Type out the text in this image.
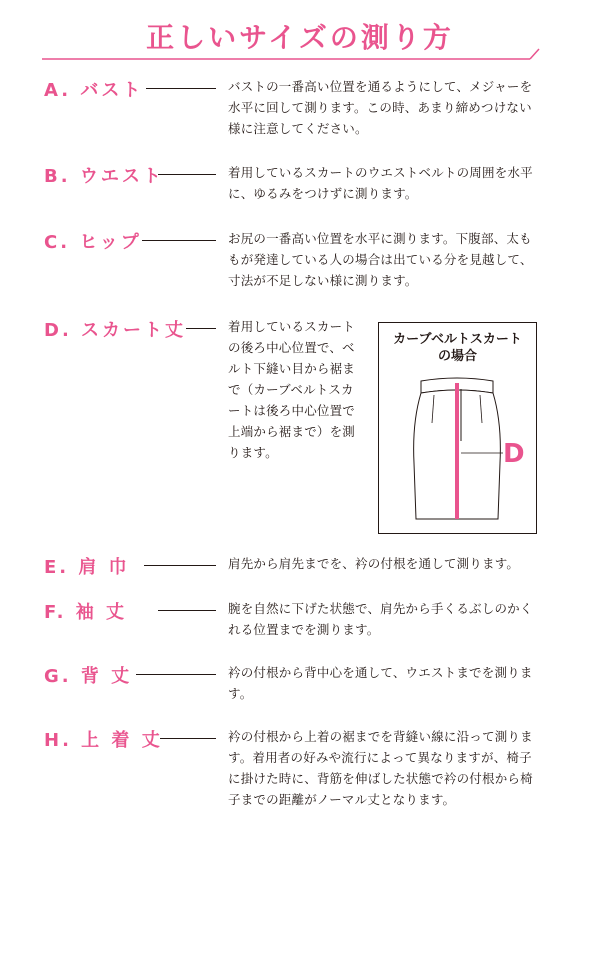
正しいサイズの測り方
A. バスト	バストの一番高い位置を通るようにして、メジャーを水平に回して測ります。この時、あまり締めつけない様に注意してください。
B. ウエスト	着用しているスカートのウエストベルトの周囲を水平に、ゆるみをつけずに測ります。
C. ヒップ	お尻の一番高い位置を水平に測ります。下腹部、太ももが発達している人の場合は出ている分を見越して、寸法が不足しない様に測ります。
D. スカート丈	着用しているスカートの後ろ中心位置で、ベルト下縫い目から裾まで（カーブベルトスカートは後ろ中心位置で上端から裾まで）を測ります。
カーブベルトスカートの場合
D
E. 肩 巾	肩先から肩先までを、衿の付根を通して測ります。
F. 袖 丈	腕を自然に下げた状態で、肩先から手くるぶしのかくれる位置までを測ります。
G. 背 丈	衿の付根から背中心を通して、ウエストまでを測ります。
H. 上 着 丈	衿の付根から上着の裾までを背縫い線に沿って測ります。着用者の好みや流行によって異なりますが、椅子に掛けた時に、背筋を伸ばした状態で衿の付根から椅子までの距離がノーマル丈となります。
